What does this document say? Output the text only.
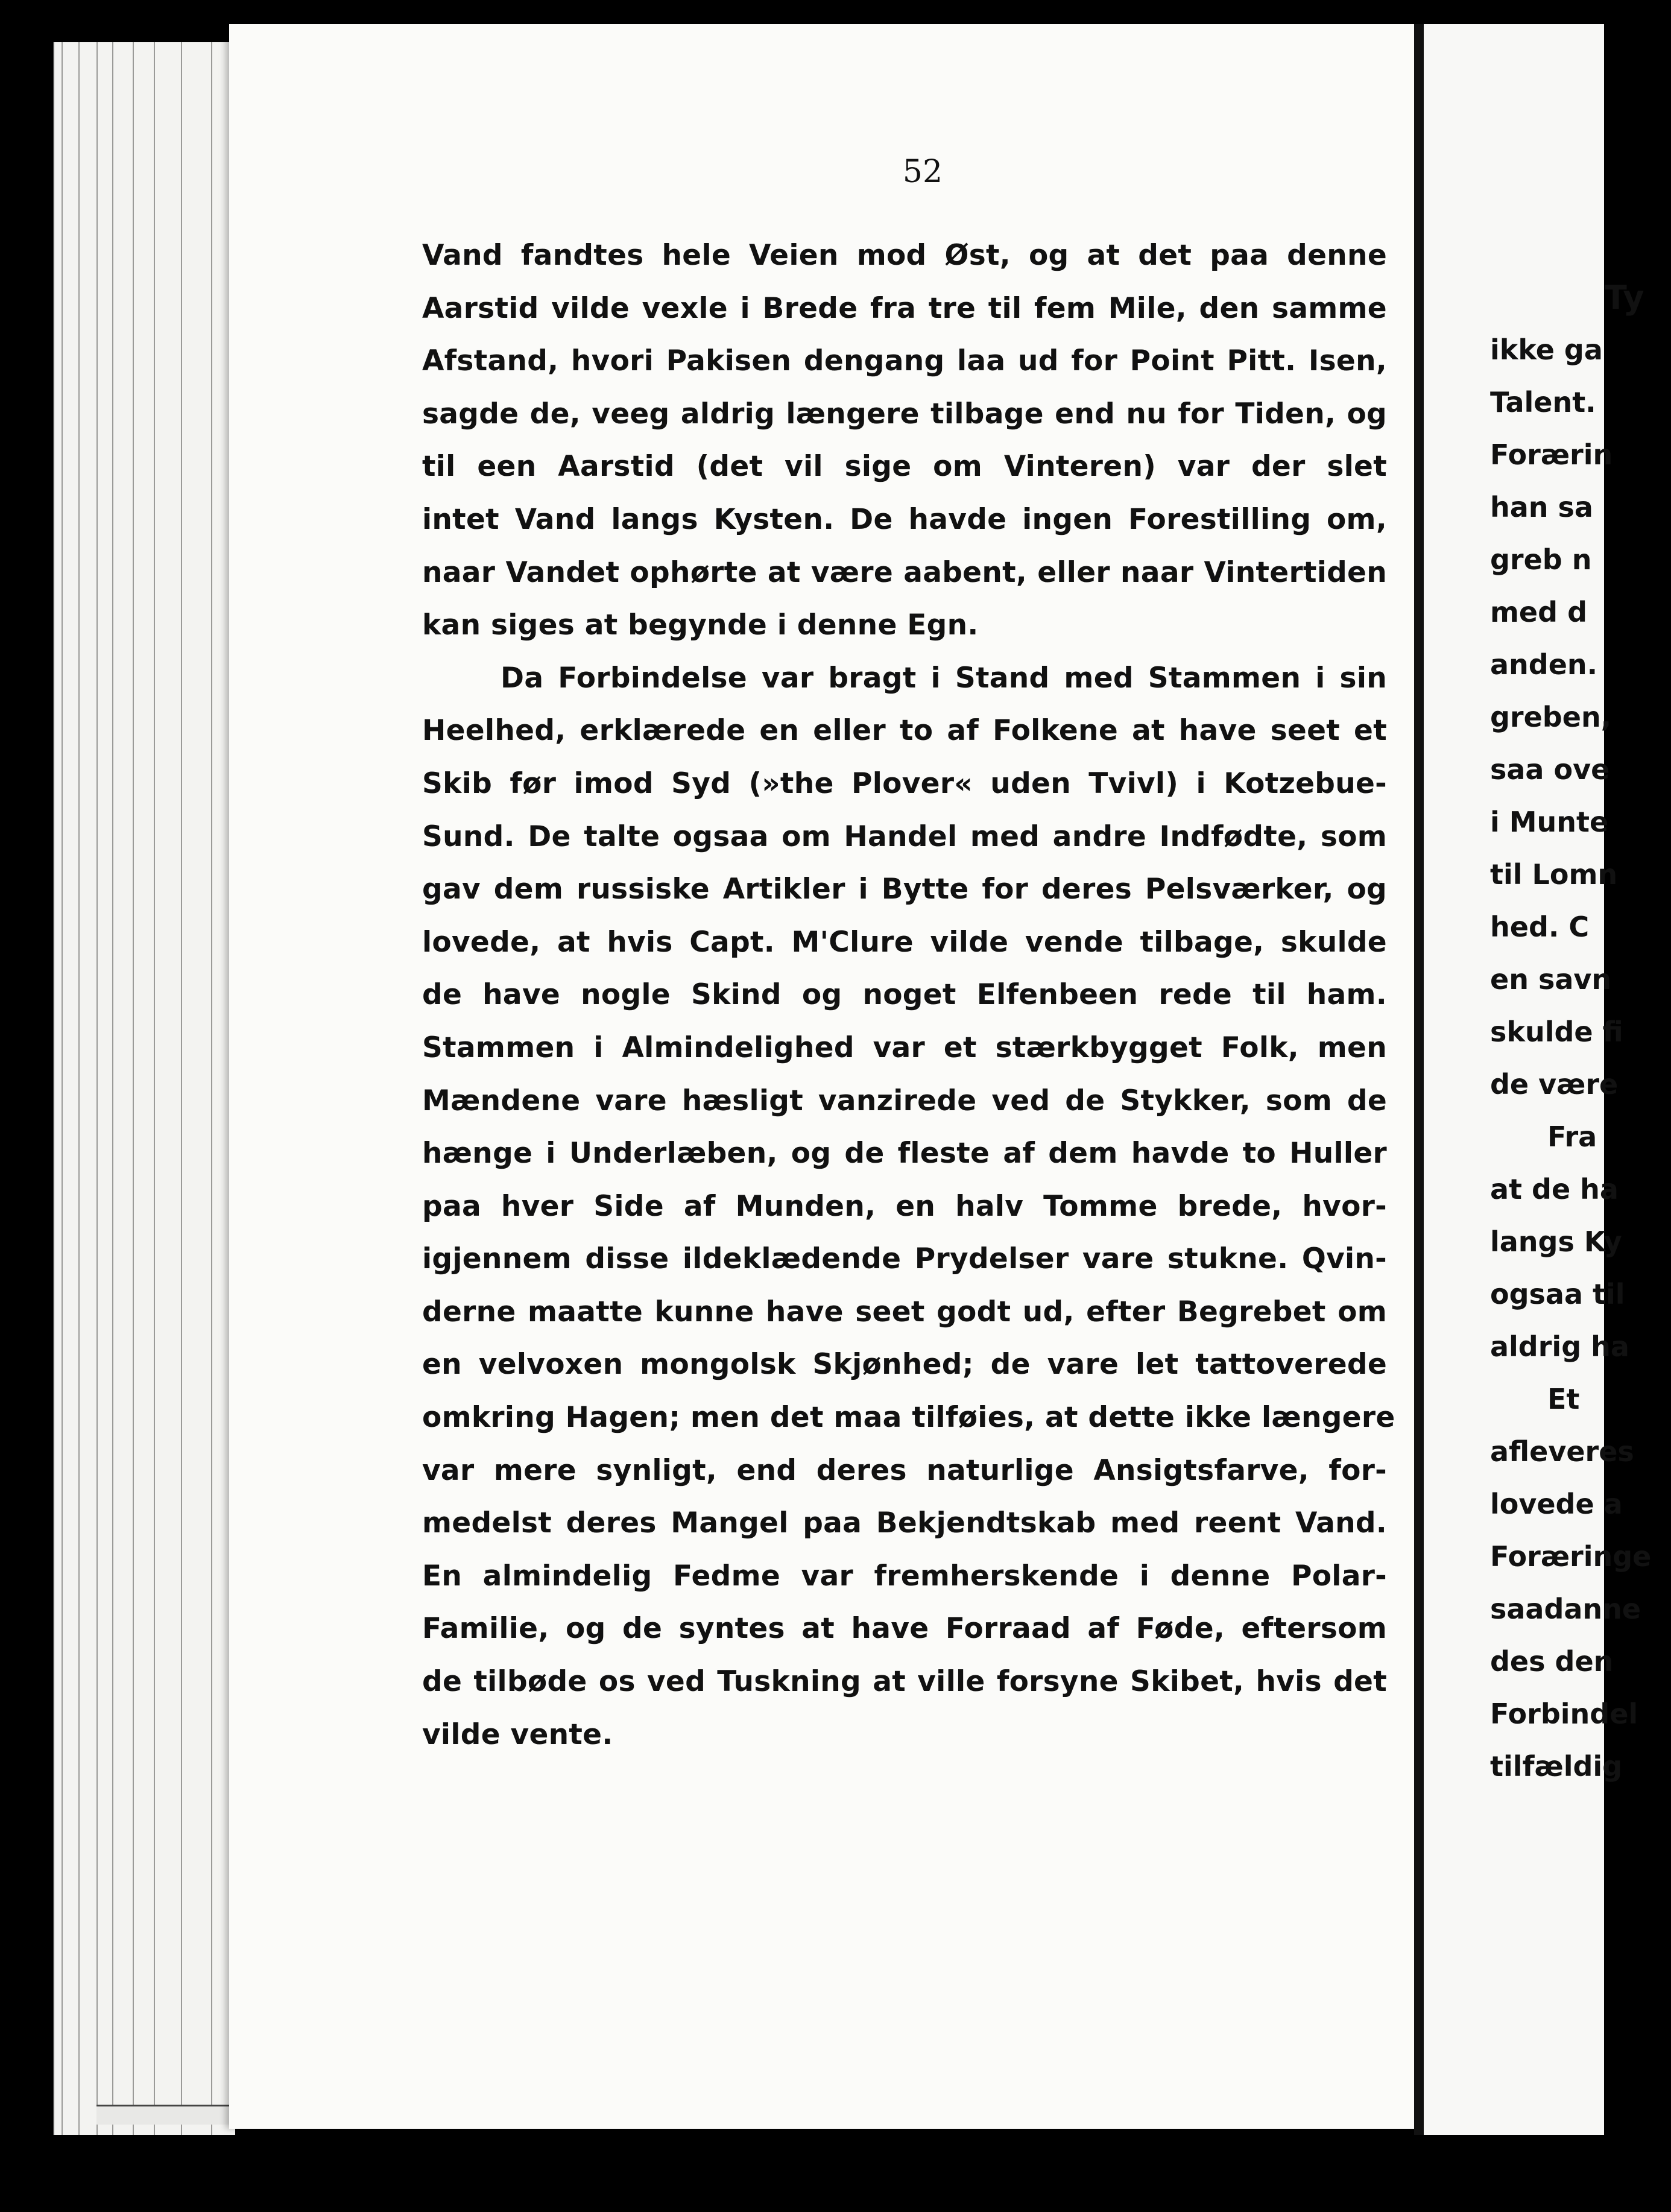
Ty
ikke ga
Talent.
Forærin
han sa
greb n
med d
anden.
greben,
saa ove
i Munte
til Lomn
hed. C
en savn
skulde fi
de være
Fra
at de ha
langs Ky
ogsaa til
aldrig ha
Et
afleveres
lovede a
Foræringe
saadanne
des den
Forbindel
tilfældig
52
Vand fandtes hele Veien mod Øst, og at det paa denne
Aarstid vilde vexle i Brede fra tre til fem Mile, den samme
Afstand, hvori Pakisen dengang laa ud for Point Pitt. Isen,
sagde de, veeg aldrig længere tilbage end nu for Tiden, og
til een Aarstid (det vil sige om Vinteren) var der slet
intet Vand langs Kysten. De havde ingen Forestilling om,
naar Vandet ophørte at være aabent, eller naar Vintertiden
kan siges at begynde i denne Egn.
Da Forbindelse var bragt i Stand med Stammen i sin
Heelhed, erklærede en eller to af Folkene at have seet et
Skib før imod Syd (»the Plover« uden Tvivl) i Kotzebue-
Sund. De talte ogsaa om Handel med andre Indfødte, som
gav dem russiske Artikler i Bytte for deres Pelsværker, og
lovede, at hvis Capt. M'Clure vilde vende tilbage, skulde
de have nogle Skind og noget Elfenbeen rede til ham.
Stammen i Almindelighed var et stærkbygget Folk, men
Mændene vare hæsligt vanzirede ved de Stykker, som de
hænge i Underlæben, og de fleste af dem havde to Huller
paa hver Side af Munden, en halv Tomme brede, hvor-
igjennem disse ildeklædende Prydelser vare stukne. Qvin-
derne maatte kunne have seet godt ud, efter Begrebet om
en velvoxen mongolsk Skjønhed; de vare let tattoverede
omkring Hagen; men det maa tilføies, at dette ikke længere
var mere synligt, end deres naturlige Ansigtsfarve, for-
medelst deres Mangel paa Bekjendtskab med reent Vand.
En almindelig Fedme var fremherskende i denne Polar-
Familie, og de syntes at have Forraad af Føde, eftersom
de tilbøde os ved Tuskning at ville forsyne Skibet, hvis det
vilde vente.
